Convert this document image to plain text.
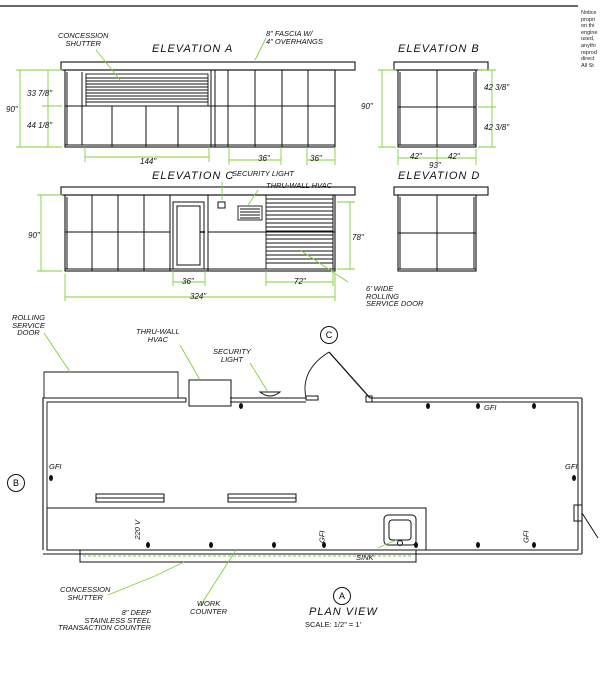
ELEVATION A	ELEVATION B
ELEVATION C	ELEVATION D
CONCESSION
SHUTTER
8" FASCIA W/
4" OVERHANGS
33 7/8"
90"
44 1/8"
144"	36"	36"
90"
42 3/8"
42 3/8"
42"	42"
93"
SECURITY LIGHT
THRU-WALL HVAC
90"	78"
36"	72"
324"
6' WIDE
ROLLING
SERVICE DOOR
ROLLING
SERVICE
DOOR	THRU-WALL
HVAC
SECURITY
LIGHT
GFI
GFI	GFI
GFI	GFI
220 V
SINK
CONCESSION
SHUTTER
8" DEEP
STAINLESS STEEL
TRANSACTION COUNTER
WORK
COUNTER
C
B
A
PLAN VIEW
SCALE: 1/2" = 1'
Notice
propri
on thi
engine
used,
anythi
reprod
direct
All St
